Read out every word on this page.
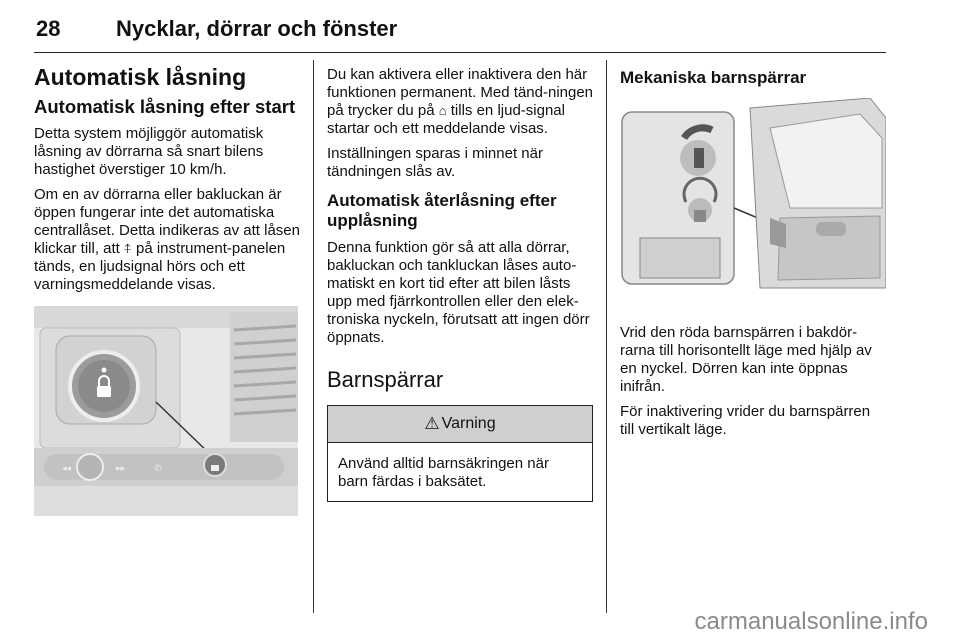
28	Nycklar, dörrar och fönster
Automatisk låsning
Automatisk låsning efter start

Detta system möjliggör automatisk låsning av dörrarna så snart bilens hastighet överstiger 10 km/h.

Om en av dörrarna eller bakluckan är öppen fungerar inte det automatiska centrallåset. Detta indikeras av att låsen klickar till, att ⍏ på instrument-panelen tänds, en ljudsignal hörs och ett varningsmeddelande visas.

◂◂	▸▸	✆

Du kan aktivera eller inaktivera den här funktionen permanent. Med tänd-ningen på trycker du på ⌂ tills en ljud-signal startar och ett meddelande visas.

Inställningen sparas i minnet när tändningen slås av.

Automatisk återlåsning efter upplåsning

Denna funktion gör så att alla dörrar, bakluckan och tankluckan låses auto-matiskt en kort tid efter att bilen låsts upp med fjärrkontrollen eller den elek-troniska nyckeln, förutsatt att ingen dörr öppnats.

Barnspärrar
⚠ Varning

Använd alltid barnsäkringen när barn färdas i baksätet.

Mekaniska barnspärrar

Vrid den röda barnspärren i bakdör-rarna till horisontellt läge med hjälp av en nyckel. Dörren kan inte öppnas inifrån.

För inaktivering vrider du barnspärren till vertikalt läge.

carmanualsonline.info
